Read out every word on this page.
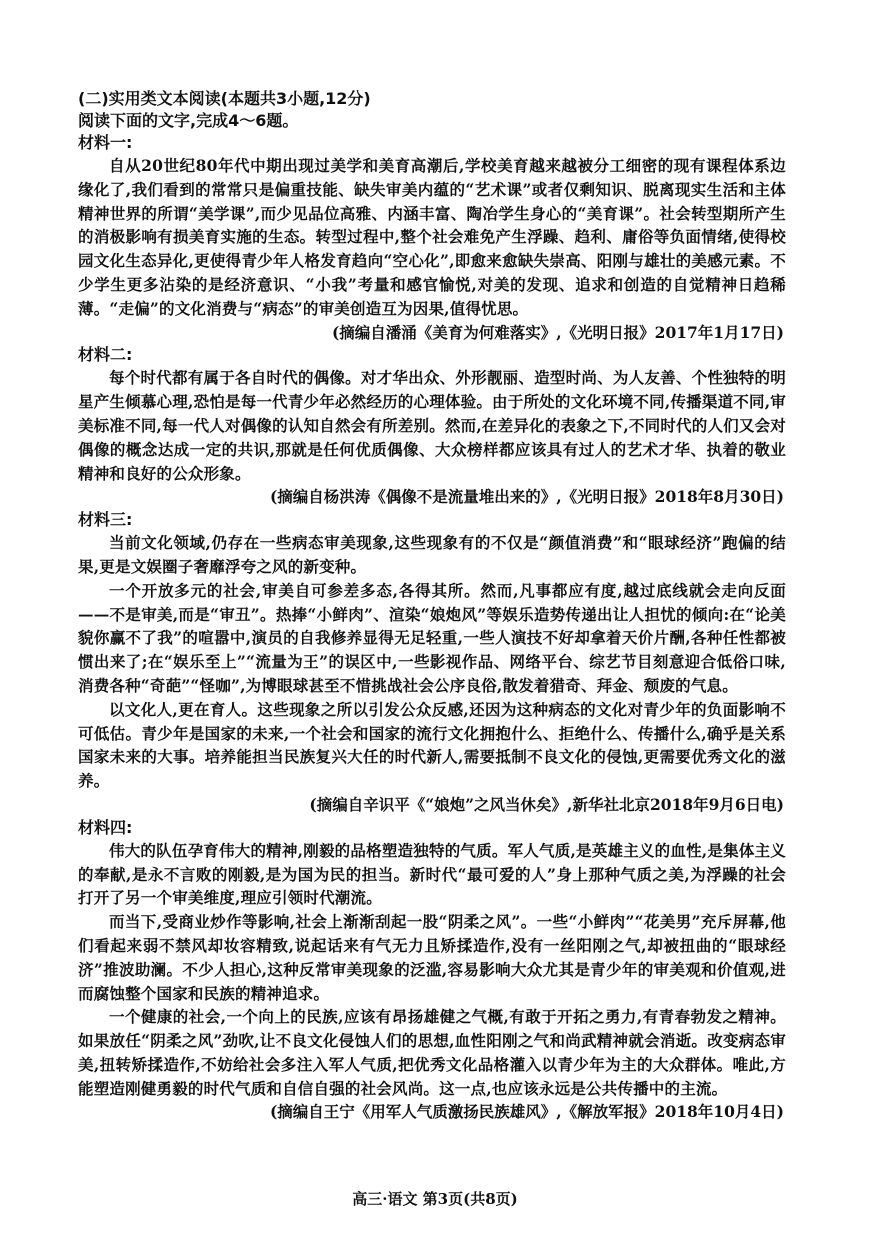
(二)实用类文本阅读(本题共3小题,12分)

阅读下面的文字,完成4～6题。

材料一:

自从20世纪80年代中期出现过美学和美育高潮后,学校美育越来越被分工细密的现有课程体系边缘化了,我们看到的常常只是偏重技能、缺失审美内蕴的“艺术课”或者仅剩知识、脱离现实生活和主体精神世界的所谓“美学课”,而少见品位高雅、内涵丰富、陶冶学生身心的“美育课”。社会转型期所产生的消极影响有损美育实施的生态。转型过程中,整个社会难免产生浮躁、趋利、庸俗等负面情绪,使得校园文化生态异化,更使得青少年人格发育趋向“空心化”,即愈来愈缺失崇高、阳刚与雄壮的美感元素。不少学生更多沾染的是经济意识、“小我”考量和感官愉悦,对美的发现、追求和创造的自觉精神日趋稀薄。“走偏”的文化消费与“病态”的审美创造互为因果,值得忧思。

(摘编自潘涌《美育为何难落实》,《光明日报》2017年1月17日)

材料二:

每个时代都有属于各自时代的偶像。对才华出众、外形靓丽、造型时尚、为人友善、个性独特的明星产生倾慕心理,恐怕是每一代青少年必然经历的心理体验。由于所处的文化环境不同,传播渠道不同,审美标准不同,每一代人对偶像的认知自然会有所差别。然而,在差异化的表象之下,不同时代的人们又会对偶像的概念达成一定的共识,那就是任何优质偶像、大众榜样都应该具有过人的艺术才华、执着的敬业精神和良好的公众形象。

(摘编自杨洪涛《偶像不是流量堆出来的》,《光明日报》2018年8月30日)

材料三:

当前文化领域,仍存在一些病态审美现象,这些现象有的不仅是“颜值消费”和“眼球经济”跑偏的结果,更是文娱圈子奢靡浮夸之风的新变种。

一个开放多元的社会,审美自可参差多态,各得其所。然而,凡事都应有度,越过底线就会走向反面——不是审美,而是“审丑”。热捧“小鲜肉”、渲染“娘炮风”等娱乐造势传递出让人担忧的倾向:在“论美貌你赢不了我”的喧嚣中,演员的自我修养显得无足轻重,一些人演技不好却拿着天价片酬,各种任性都被惯出来了;在“娱乐至上”“流量为王”的误区中,一些影视作品、网络平台、综艺节目刻意迎合低俗口味,消费各种“奇葩”“怪咖”,为博眼球甚至不惜挑战社会公序良俗,散发着猎奇、拜金、颓废的气息。

以文化人,更在育人。这些现象之所以引发公众反感,还因为这种病态的文化对青少年的负面影响不可低估。青少年是国家的未来,一个社会和国家的流行文化拥抱什么、拒绝什么、传播什么,确乎是关系国家未来的大事。培养能担当民族复兴大任的时代新人,需要抵制不良文化的侵蚀,更需要优秀文化的滋养。

(摘编自辛识平《“娘炮”之风当休矣》,新华社北京2018年9月6日电)

材料四:

伟大的队伍孕育伟大的精神,刚毅的品格塑造独特的气质。军人气质,是英雄主义的血性,是集体主义的奉献,是永不言败的刚毅,是为国为民的担当。新时代“最可爱的人”身上那种气质之美,为浮躁的社会打开了另一个审美维度,理应引领时代潮流。

而当下,受商业炒作等影响,社会上渐渐刮起一股“阴柔之风”。一些“小鲜肉”“花美男”充斥屏幕,他们看起来弱不禁风却妆容精致,说起话来有气无力且矫揉造作,没有一丝阳刚之气,却被扭曲的“眼球经济”推波助澜。不少人担心,这种反常审美现象的泛滥,容易影响大众尤其是青少年的审美观和价值观,进而腐蚀整个国家和民族的精神追求。

一个健康的社会,一个向上的民族,应该有昂扬雄健之气概,有敢于开拓之勇力,有青春勃发之精神。如果放任“阴柔之风”劲吹,让不良文化侵蚀人们的思想,血性阳刚之气和尚武精神就会消逝。改变病态审美,扭转矫揉造作,不妨给社会多注入军人气质,把优秀文化品格灌入以青少年为主的大众群体。唯此,方能塑造刚健勇毅的时代气质和自信自强的社会风尚。这一点,也应该永远是公共传播中的主流。

(摘编自王宁《用军人气质激扬民族雄风》,《解放军报》2018年10月4日)

高三·语文 第3页(共8页)
